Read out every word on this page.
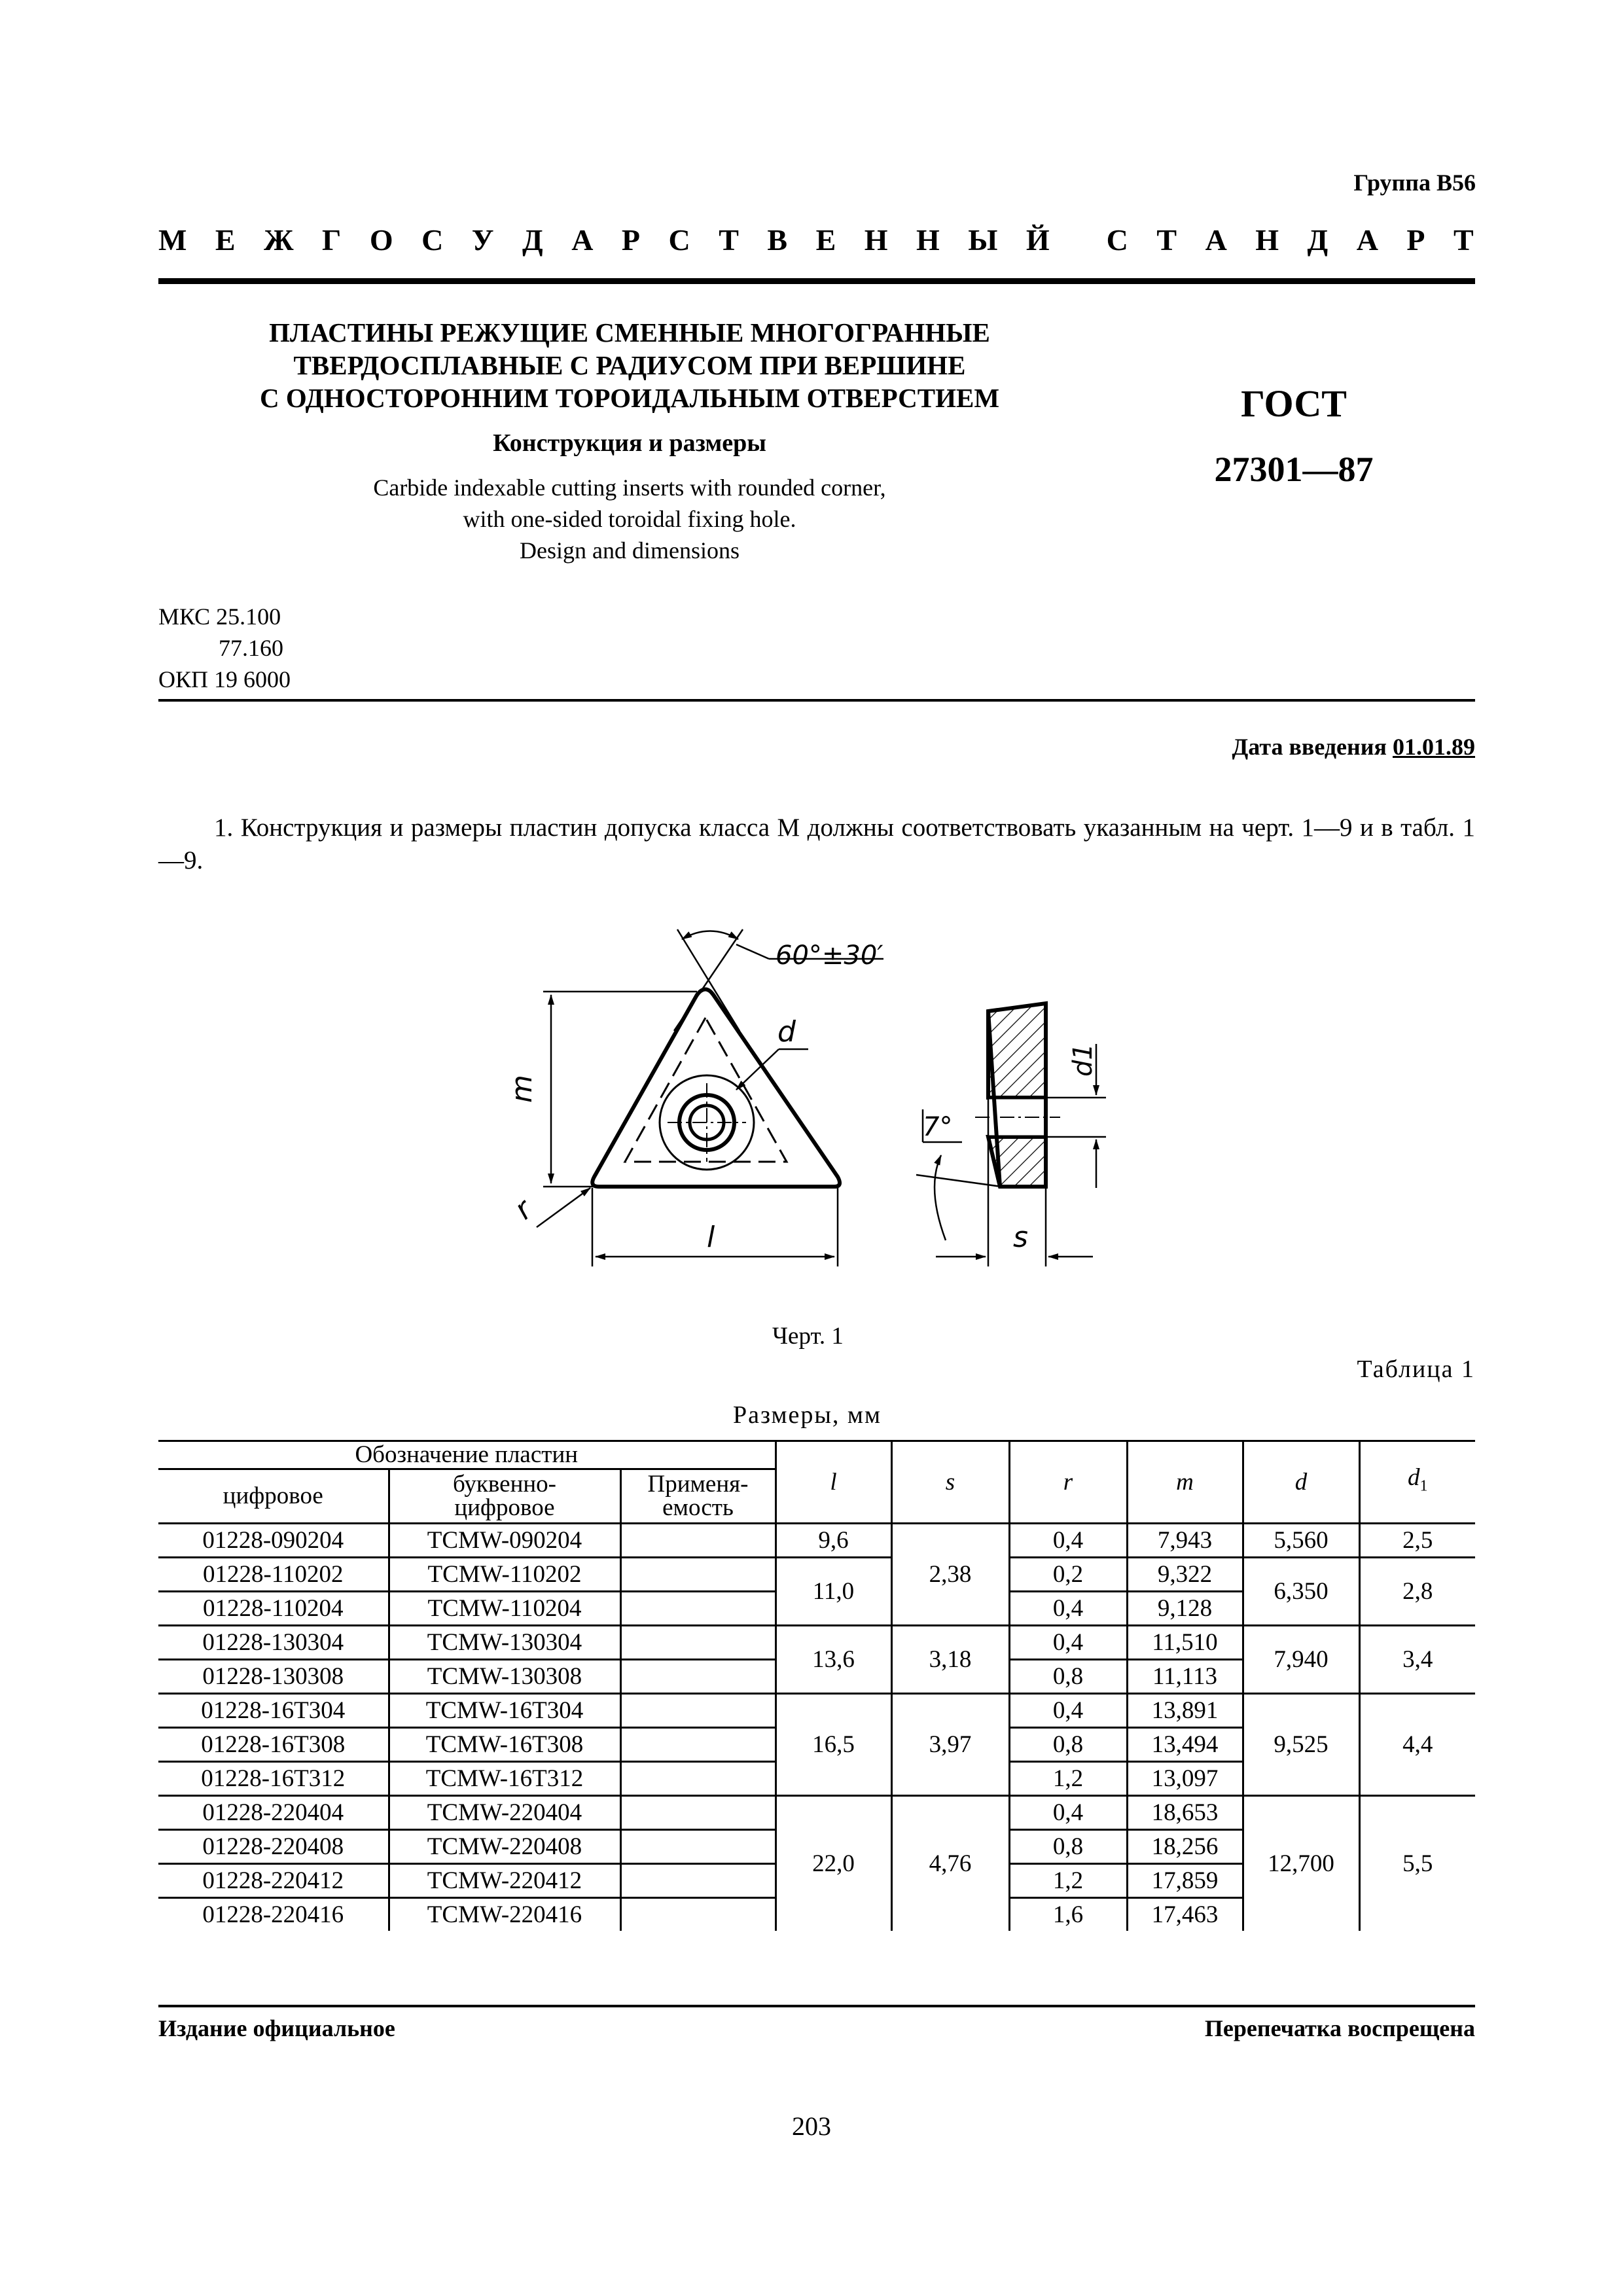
Группа В56
М Е Ж Г О С У Д А Р С Т В Е Н Н Ы Й С Т А Н Д А Р Т
ПЛАСТИНЫ РЕЖУЩИЕ СМЕННЫЕ МНОГОГРАННЫЕ
ТВЕРДОСПЛАВНЫЕ С РАДИУСОМ ПРИ ВЕРШИНЕ
С ОДНОСТОРОННИМ ТОРОИДАЛЬНЫМ ОТВЕРСТИЕМ
Конструкция и размеры
Carbide indexable cutting inserts with rounded corner,
with one-sided toroidal fixing hole.
Design and dimensions
ГОСТ
27301—87
МКС 25.100
77.160
ОКП 19 6000
Дата введения 01.01.89
1. Конструкция и размеры пластин допуска класса М должны соответствовать указанным на черт. 1—9 и в табл. 1—9.
60°±30′
d
m
r
l
d1
7°
s
Черт. 1
Таблица 1
Размеры, мм
Обозначение пластин			l	s	r	m	d	$d_1$
цифровое	буквенно-
цифровое	Применя-
емость						

01228-090204	TCMW-090204		9,6	2,38	0,4	7,943	5,560	2,5
01228-110202	TCMW-110202		11,0		0,2	9,322	6,350	2,8
01228-110204	TCMW-110204				0,4	9,128		
01228-130304	TCMW-130304		13,6	3,18	0,4	11,510	7,940	3,4
01228-130308	TCMW-130308				0,8	11,113		
01228-16T304	TCMW-16T304		16,5	3,97	0,4	13,891	9,525	4,4
01228-16T308	TCMW-16T308				0,8	13,494		
01228-16T312	TCMW-16T312				1,2	13,097		
01228-220404	TCMW-220404		22,0	4,76	0,4	18,653	12,700	5,5
01228-220408	TCMW-220408				0,8	18,256		
01228-220412	TCMW-220412				1,2	17,859		
01228-220416	TCMW-220416				1,6	17,463		
Издание официальное	Перепечатка воспрещена
203
